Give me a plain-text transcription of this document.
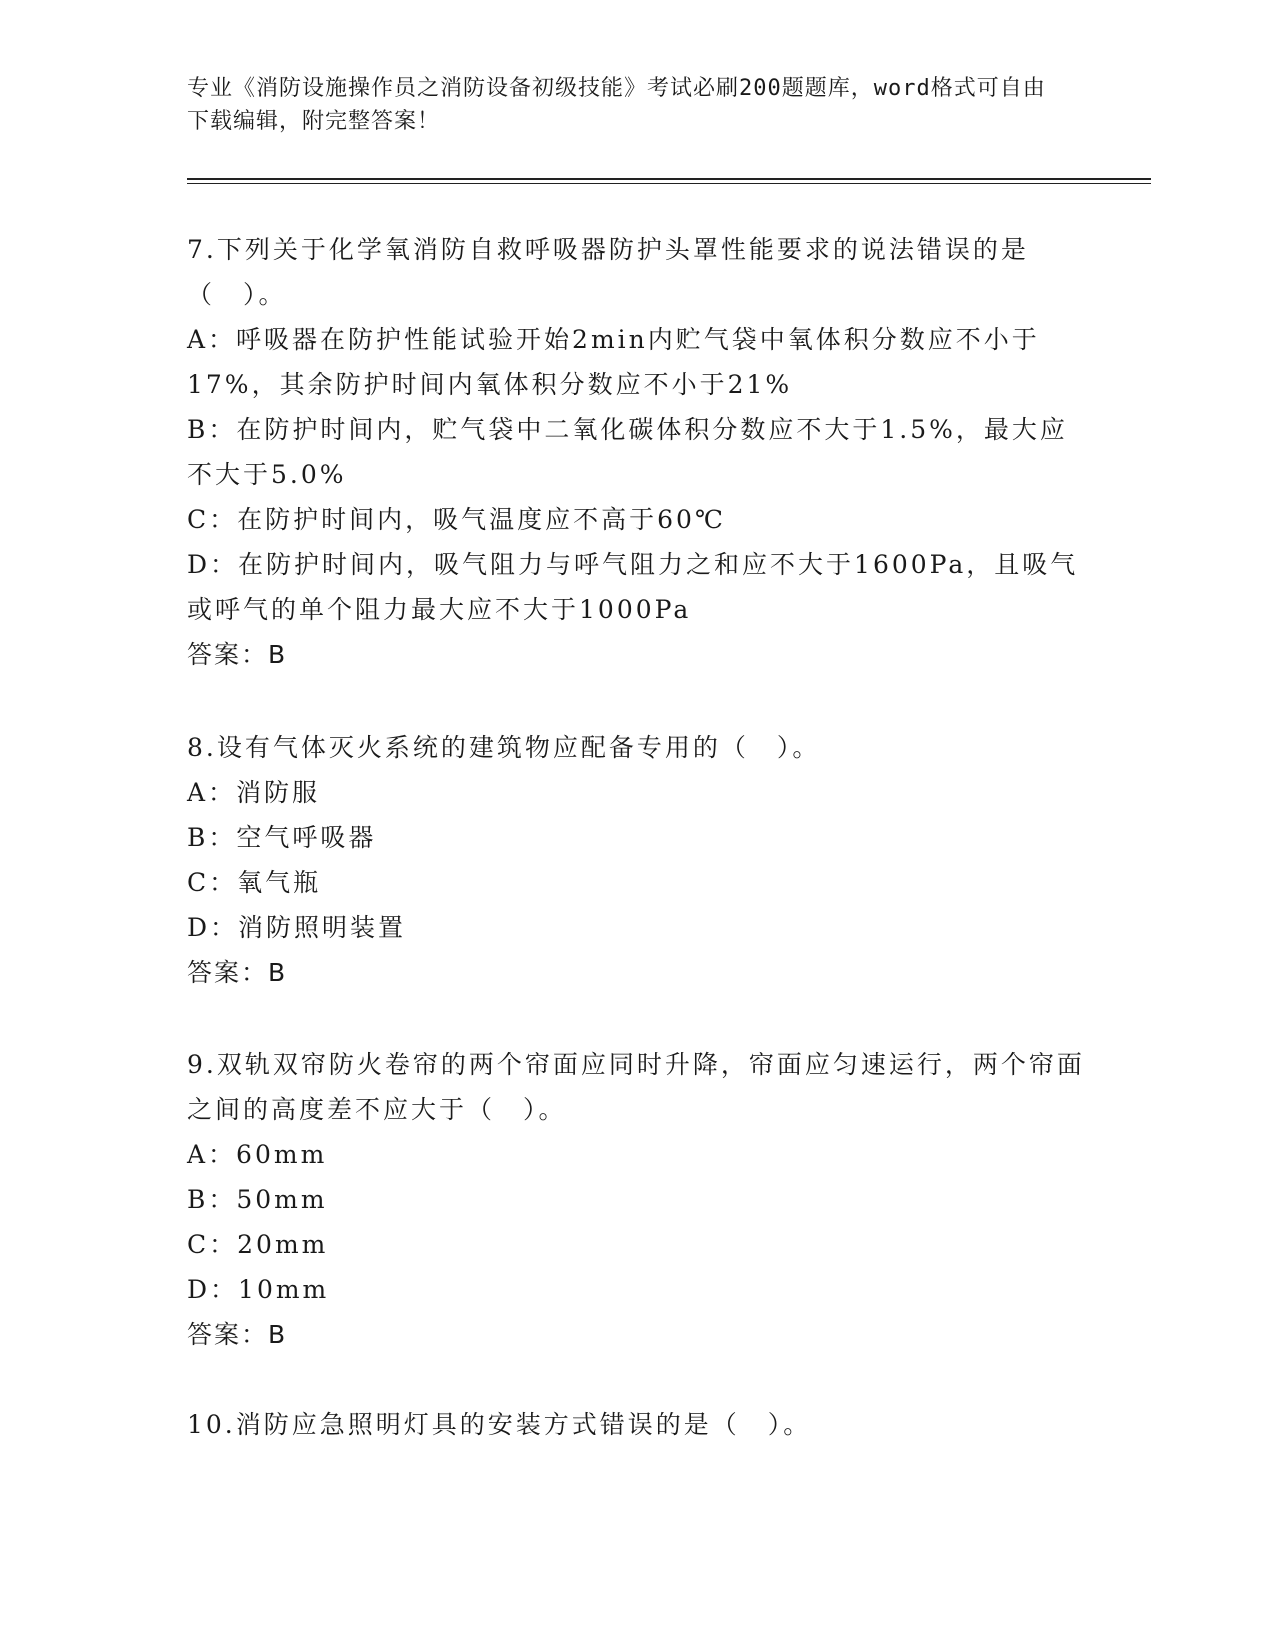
专业《消防设施操作员之消防设备初级技能》考试必刷200题题库，word格式可自由下载编辑，附完整答案！

7.下列关于化学氧消防自救呼吸器防护头罩性能要求的说法错误的是（　）。

A：呼吸器在防护性能试验开始2min内贮气袋中氧体积分数应不小于17%，其余防护时间内氧体积分数应不小于21%

B：在防护时间内，贮气袋中二氧化碳体积分数应不大于1.5%，最大应不大于5.0%

C：在防护时间内，吸气温度应不高于60℃

D：在防护时间内，吸气阻力与呼气阻力之和应不大于1600Pa，且吸气或呼气的单个阻力最大应不大于1000Pa

答案：B

8.设有气体灭火系统的建筑物应配备专用的（　）。

A：消防服

B：空气呼吸器

C：氧气瓶

D：消防照明装置

答案：B

9.双轨双帘防火卷帘的两个帘面应同时升降，帘面应匀速运行，两个帘面之间的高度差不应大于（　）。

A：60mm

B：50mm

C：20mm

D：10mm

答案：B

10.消防应急照明灯具的安装方式错误的是（　）。
